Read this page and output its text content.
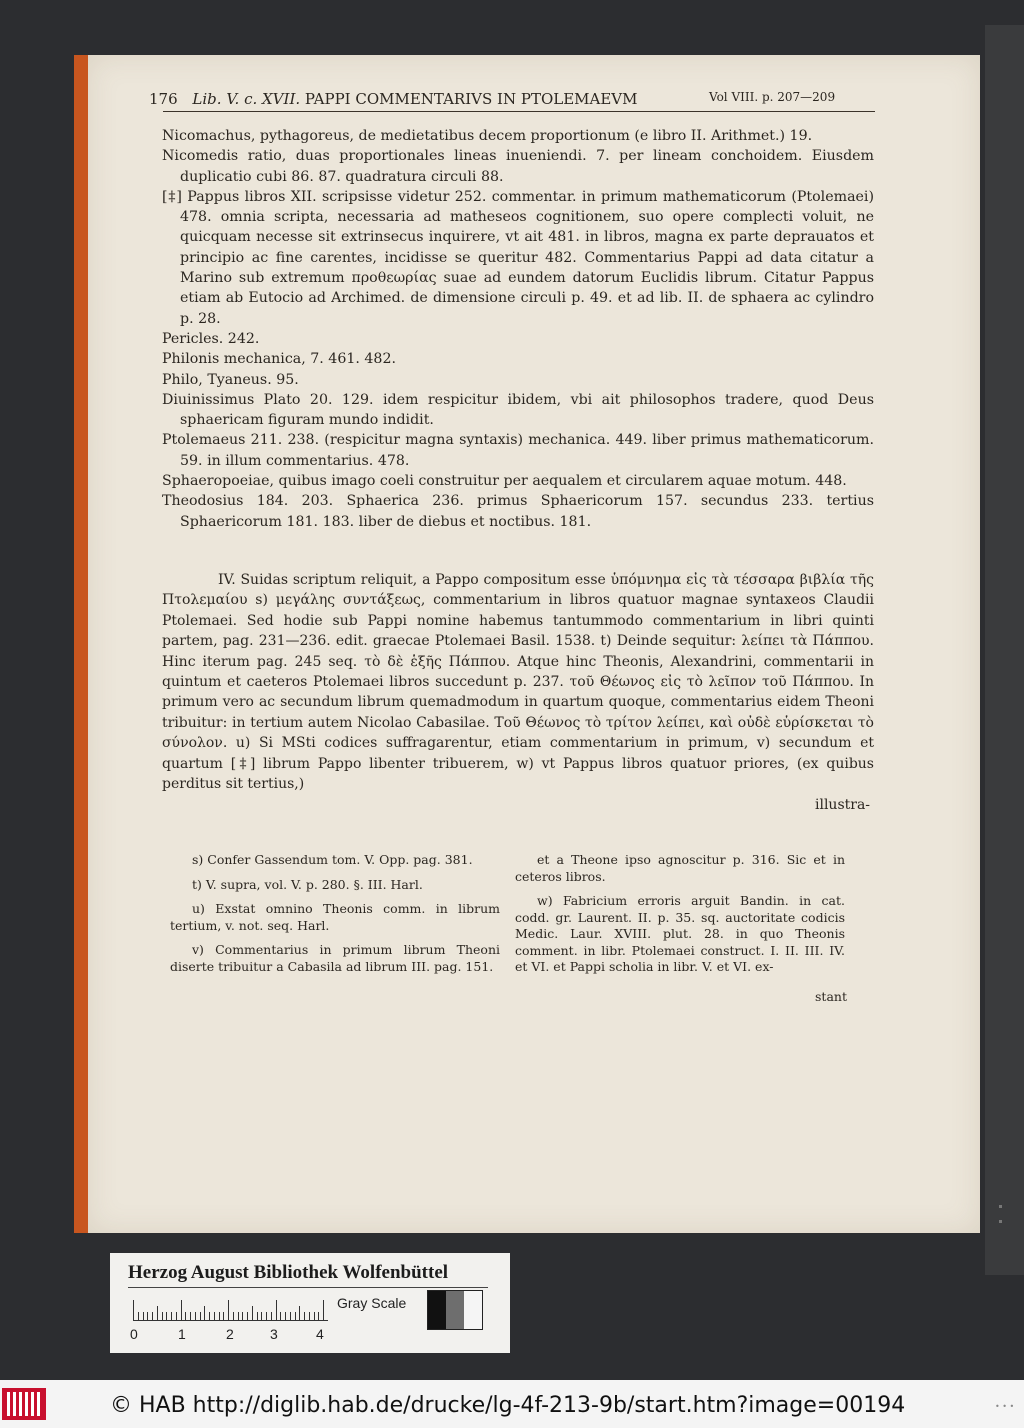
176 Lib. V. c. XVII. PAPPI COMMENTARIVS IN PTOLEMAEVM	Vol VIII. p. 207—209

Nicomachus, pythagoreus, de medietatibus decem proportionum (e libro II. Arithmet.) 19.

Nicomedis ratio, duas proportionales lineas inueniendi. 7. per lineam conchoidem. Eiusdem duplicatio cubi 86. 87. quadratura circuli 88.

[‡] Pappus libros XII. scripsisse videtur 252. commentar. in primum mathematicorum (Ptolemaei) 478. omnia scripta, necessaria ad matheseos cognitionem, suo opere complecti voluit, ne quicquam necesse sit extrinsecus inquirere, vt ait 481. in libros, magna ex parte deprauatos et principio ac fine carentes, incidisse se queritur 482. Commentarius Pappi ad data citatur a Marino sub extremum προθεωρίας suae ad eundem datorum Euclidis librum. Citatur Pappus etiam ab Eutocio ad Archimed. de dimensione circuli p. 49. et ad lib. II. de sphaera ac cylindro p. 28.

Pericles. 242.

Philonis mechanica, 7. 461. 482.

Philo, Tyaneus. 95.

Diuinissimus Plato 20. 129. idem respicitur ibidem, vbi ait philosophos tradere, quod Deus sphaericam figuram mundo indidit.

Ptolemaeus 211. 238. (respicitur magna syntaxis) mechanica. 449. liber primus mathematicorum. 59. in illum commentarius. 478.

Sphaeropoeiae, quibus imago coeli construitur per aequalem et circularem aquae motum. 448.

Theodosius 184. 203. Sphaerica 236. primus Sphaericorum 157. secundus 233. tertius Sphaericorum 181. 183. liber de diebus et noctibus. 181.

IV. Suidas scriptum reliquit, a Pappo compositum esse ὑπόμνημα εἰς τὰ τέσσαρα βιβλία τῆς Πτολεμαίου s) μεγάλης συντάξεως, commentarium in libros quatuor magnae syntaxeos Claudii Ptolemaei. Sed hodie sub Pappi nomine habemus tantummodo commentarium in libri quinti partem, pag. 231—236. edit. graecae Ptolemaei Basil. 1538. t) Deinde sequitur: λείπει τὰ Πάππου. Hinc iterum pag. 245 seq. τὸ δὲ ἑξῆς Πάππου. Atque hinc Theonis, Alexandrini, commentarii in quintum et caeteros Ptolemaei libros succedunt p. 237. τοῦ Θέωνος εἰς τὸ λεῖπον τοῦ Πάππου. In primum vero ac secundum librum quemadmodum in quartum quoque, commentarius eidem Theoni tribuitur: in tertium autem Nicolao Cabasilae. Τοῦ Θέωνος τὸ τρίτον λείπει, καὶ οὐδὲ εὑρίσκεται τὸ σύνολον. u) Si MSti codices suffragarentur, etiam commentarium in primum, v) secundum et quartum [‡] librum Pappo libenter tribuerem, w) vt Pappus libros quatuor priores, (ex quibus perditus sit tertius,)
illustra-

s) Confer Gassendum tom. V. Opp. pag. 381.

t) V. supra, vol. V. p. 280. §. III. Harl.

u) Exstat omnino Theonis comm. in librum tertium, v. not. seq. Harl.

v) Commentarius in primum librum Theoni diserte tribuitur a Cabasila ad librum III. pag. 151.

et a Theone ipso agnoscitur p. 316. Sic et in ceteros libros.

w) Fabricium erroris arguit Bandin. in cat. codd. gr. Laurent. II. p. 35. sq. auctoritate codicis Medic. Laur. XVIII. plut. 28. in quo Theonis comment. in libr. Ptolemaei construct. I. II. III. IV. et VI. et Pappi scholia in libr. V. et VI. ex-

stant
Herzog August Bibliothek Wolfenbüttel
0	1	2	3	4
Gray Scale
© HAB http://diglib.hab.de/drucke/lg-4f-213-9b/start.htm?image=00194	• • •
